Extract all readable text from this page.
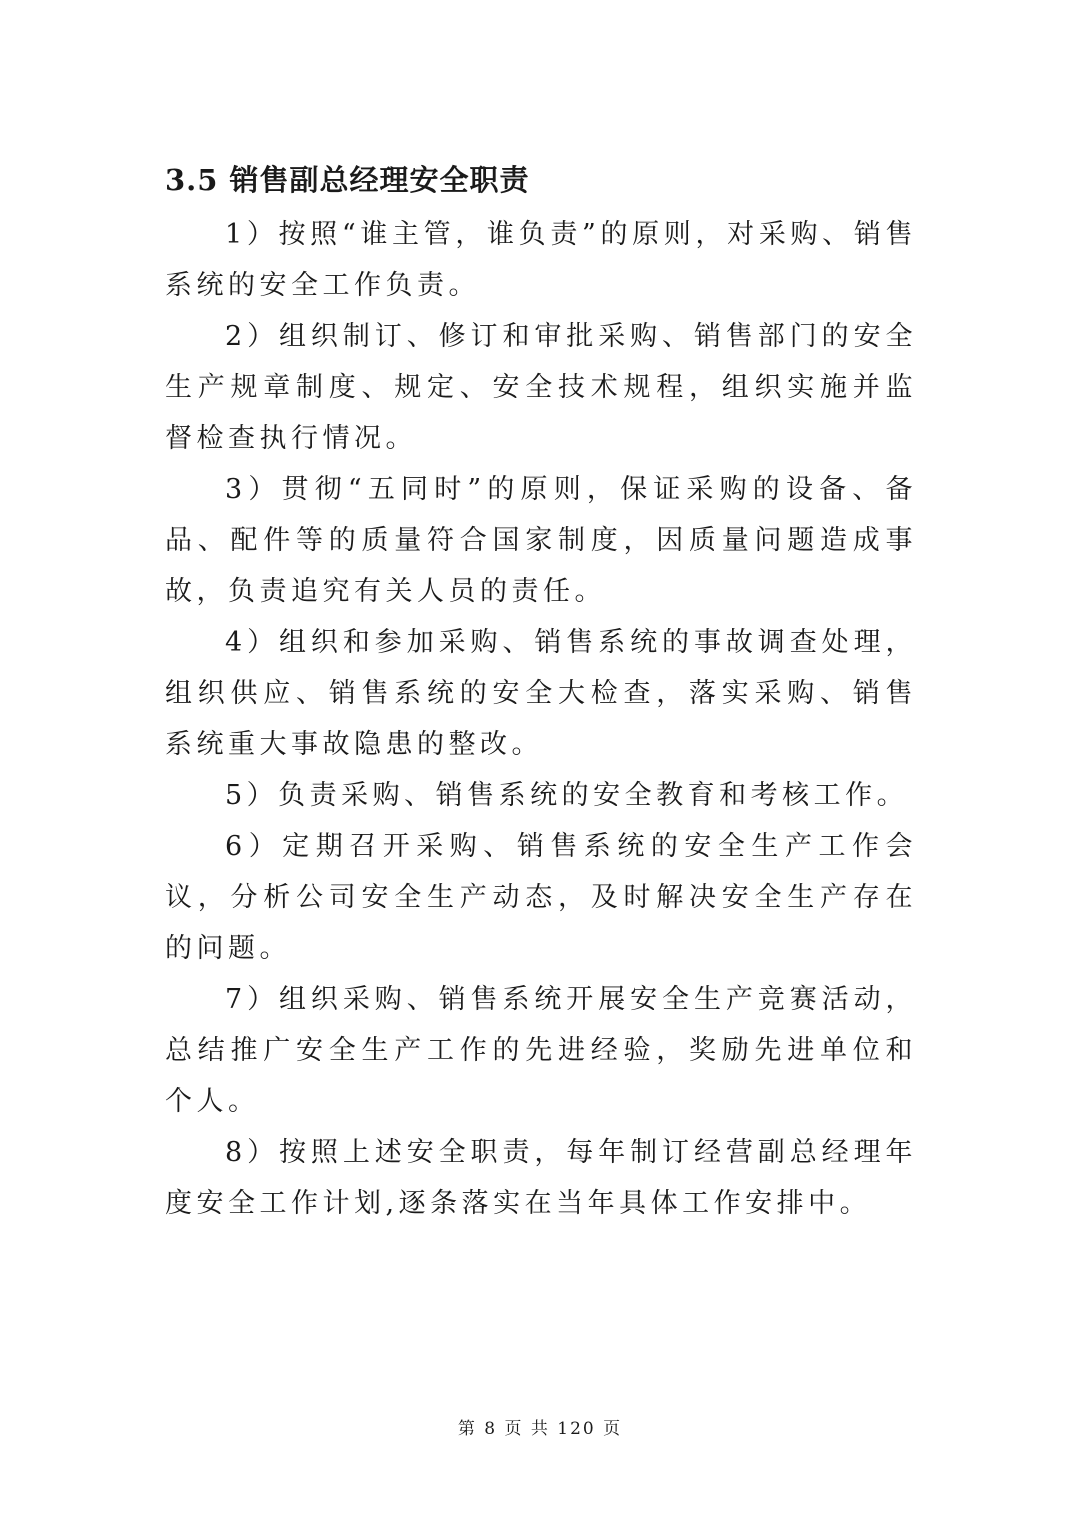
3.5 销售副总经理安全职责

1）按照“谁主管，谁负责”的原则，对采购、销售系统的安全工作负责。

2）组织制订、修订和审批采购、销售部门的安全生产规章制度、规定、安全技术规程，组织实施并监督检查执行情况。

3）贯彻“五同时”的原则，保证采购的设备、备品、配件等的质量符合国家制度，因质量问题造成事故，负责追究有关人员的责任。

4）组织和参加采购、销售系统的事故调查处理，组织供应、销售系统的安全大检查，落实采购、销售系统重大事故隐患的整改。

5）负责采购、销售系统的安全教育和考核工作。

6）定期召开采购、销售系统的安全生产工作会议，分析公司安全生产动态，及时解决安全生产存在的问题。

7）组织采购、销售系统开展安全生产竞赛活动，总结推广安全生产工作的先进经验，奖励先进单位和个人。

8）按照上述安全职责，每年制订经营副总经理年度安全工作计划,逐条落实在当年具体工作安排中。

第 8 页 共 120 页
